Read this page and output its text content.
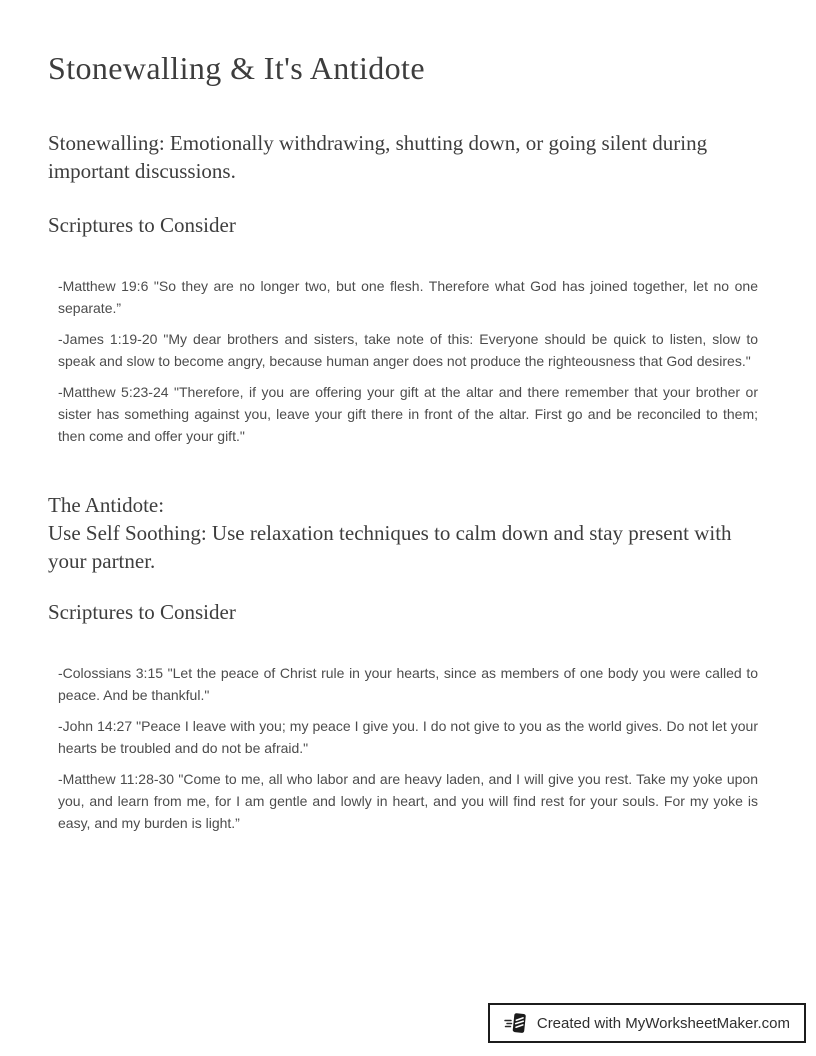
Stonewalling & It's Antidote

Stonewalling: Emotionally withdrawing, shutting down, or going silent during important discussions.

Scriptures to Consider

-Matthew 19:6 "So they are no longer two, but one flesh. Therefore what God has joined together, let no one separate.”

-James 1:19-20 "My dear brothers and sisters, take note of this: Everyone should be quick to listen, slow to speak and slow to become angry, because human anger does not produce the righteousness that God desires."

-Matthew 5:23-24 "Therefore, if you are offering your gift at the altar and there remember that your brother or sister has something against you, leave your gift there in front of the altar. First go and be reconciled to them; then come and offer your gift."

The Antidote:
Use Self Soothing: Use relaxation techniques to calm down and stay present with your partner.
Scriptures to Consider

-Colossians 3:15 "Let the peace of Christ rule in your hearts, since as members of one body you were called to peace. And be thankful."

-John 14:27 "Peace I leave with you; my peace I give you. I do not give to you as the world gives. Do not let your hearts be troubled and do not be afraid."

-Matthew 11:28-30 "Come to me, all who labor and are heavy laden, and I will give you rest. Take my yoke upon you, and learn from me, for I am gentle and lowly in heart, and you will find rest for your souls. For my yoke is easy, and my burden is light.”

Created with MyWorksheetMaker.com
